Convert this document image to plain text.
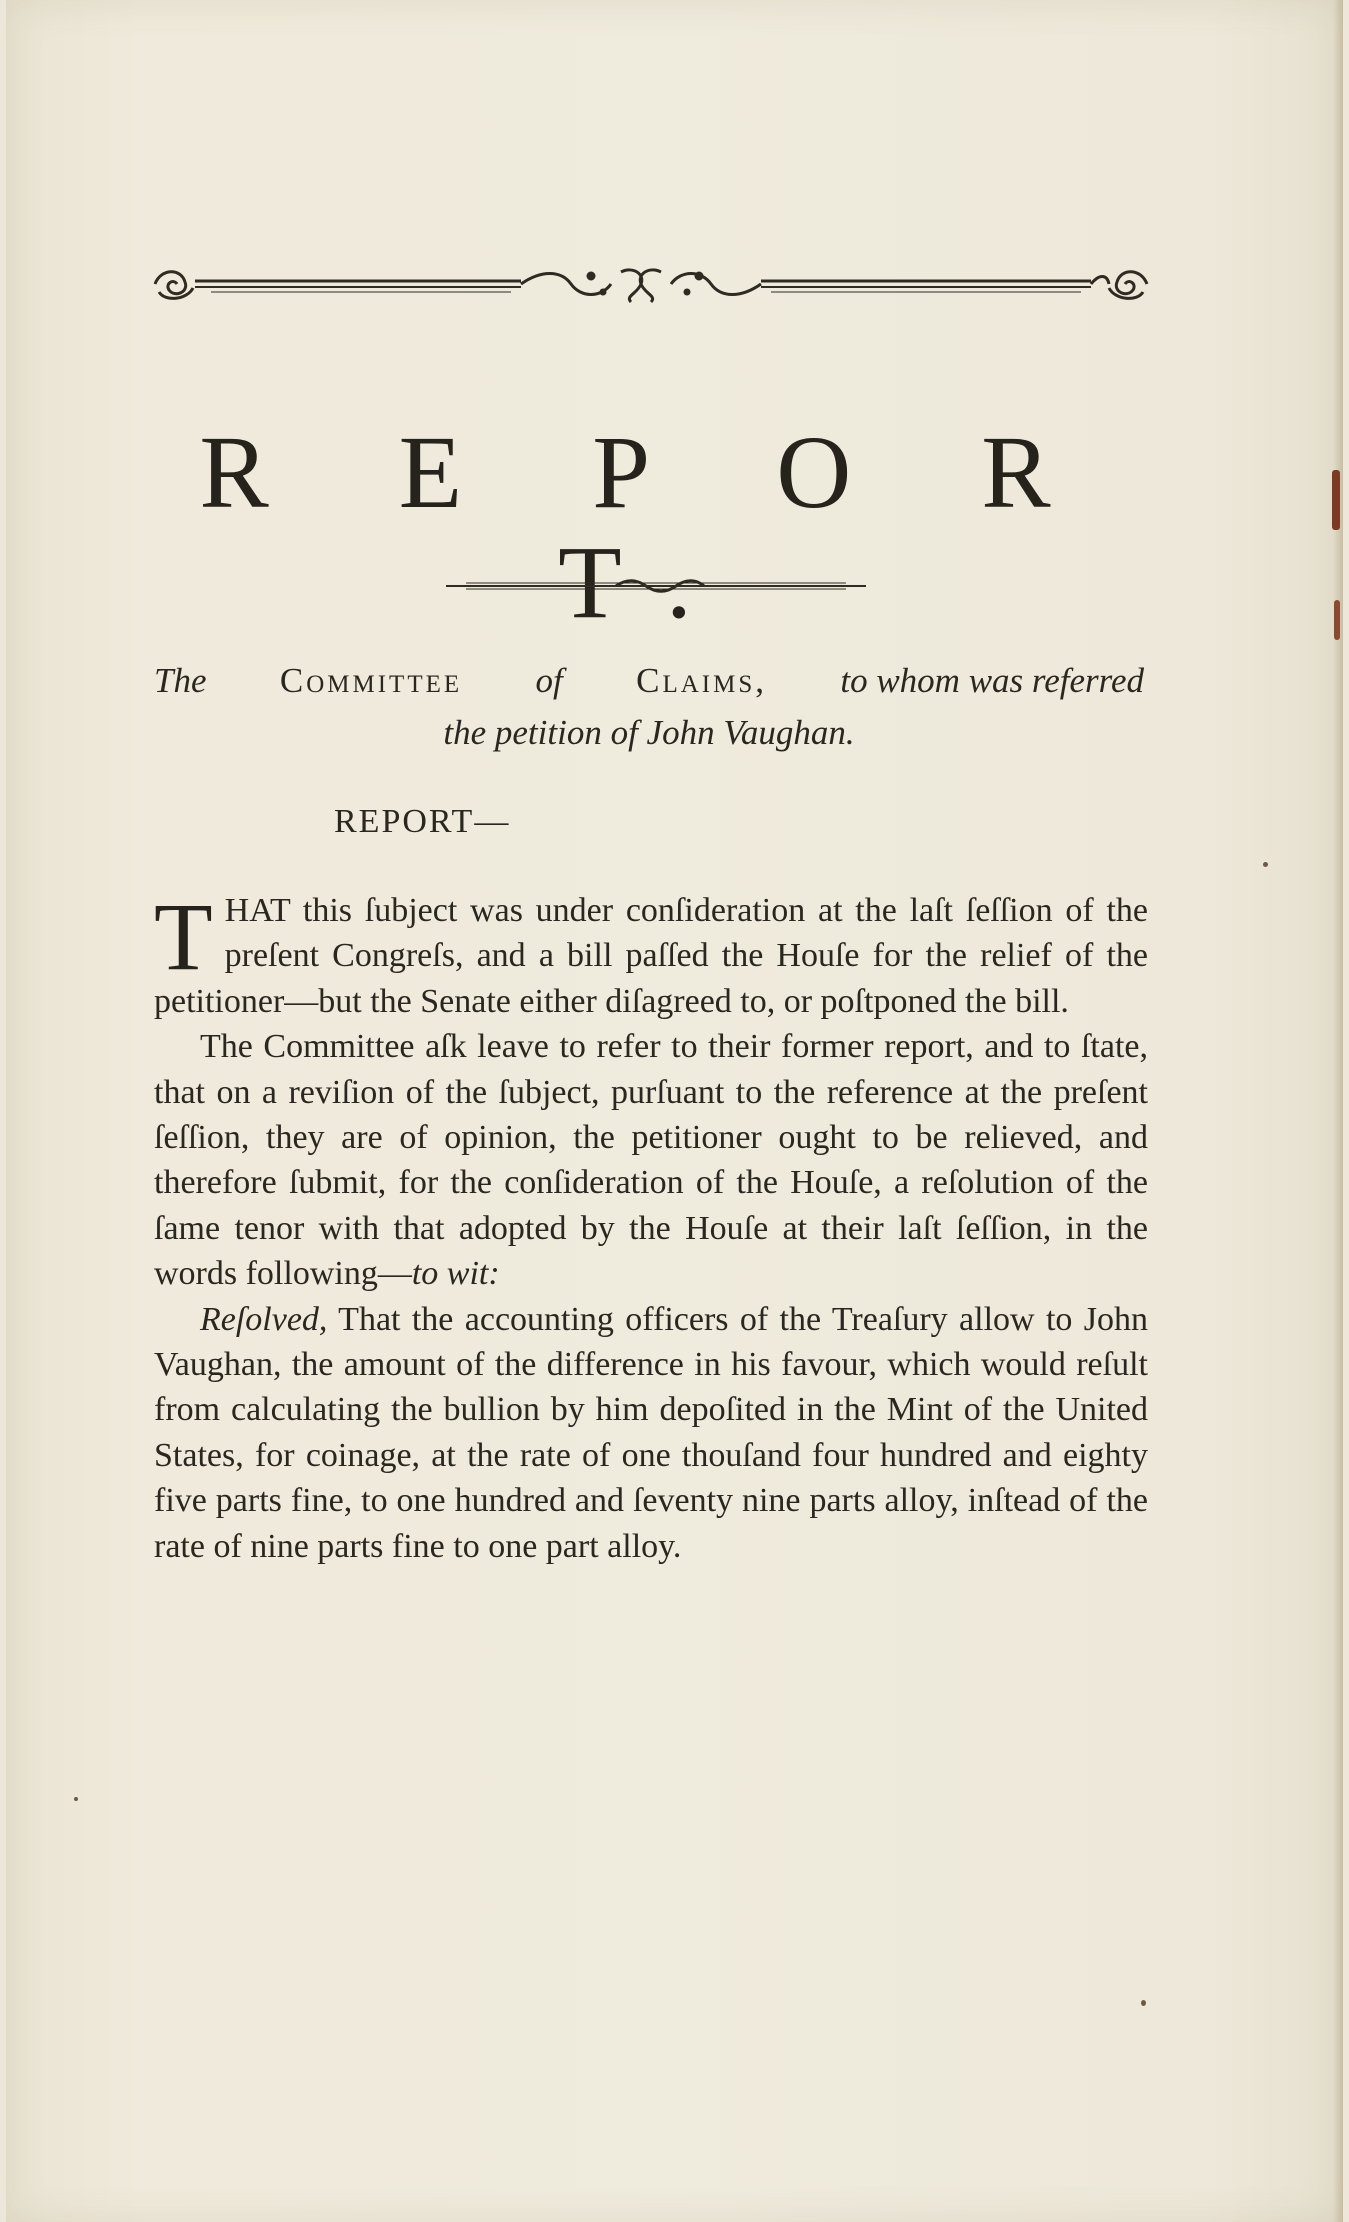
R E P O R T.
The Committee of Claims, to whom was referred
the petition of John Vaughan.
REPORT—

THAT this ſubject was under conſideration at the laſt ſeſſion of the preſent Congreſs, and a bill paſſed the Houſe for the relief of the petitioner—but the Senate either diſagreed to, or poſtponed the bill.

The Committee aſk leave to refer to their former report, and to ſtate, that on a reviſion of the ſubject, purſuant to the reference at the preſent ſeſſion, they are of opinion, the petitioner ought to be relieved, and therefore ſubmit, for the conſideration of the Houſe, a reſolution of the ſame tenor with that adopted by the Houſe at their laſt ſeſſion, in the words following—to wit:

Reſolved, That the accounting officers of the Treaſury allow to John Vaughan, the amount of the difference in his favour, which would reſult from calculating the bullion by him depoſited in the Mint of the United States, for coinage, at the rate of one thouſand four hundred and eighty five parts fine, to one hundred and ſeventy nine parts alloy, inſtead of the rate of nine parts fine to one part alloy.
